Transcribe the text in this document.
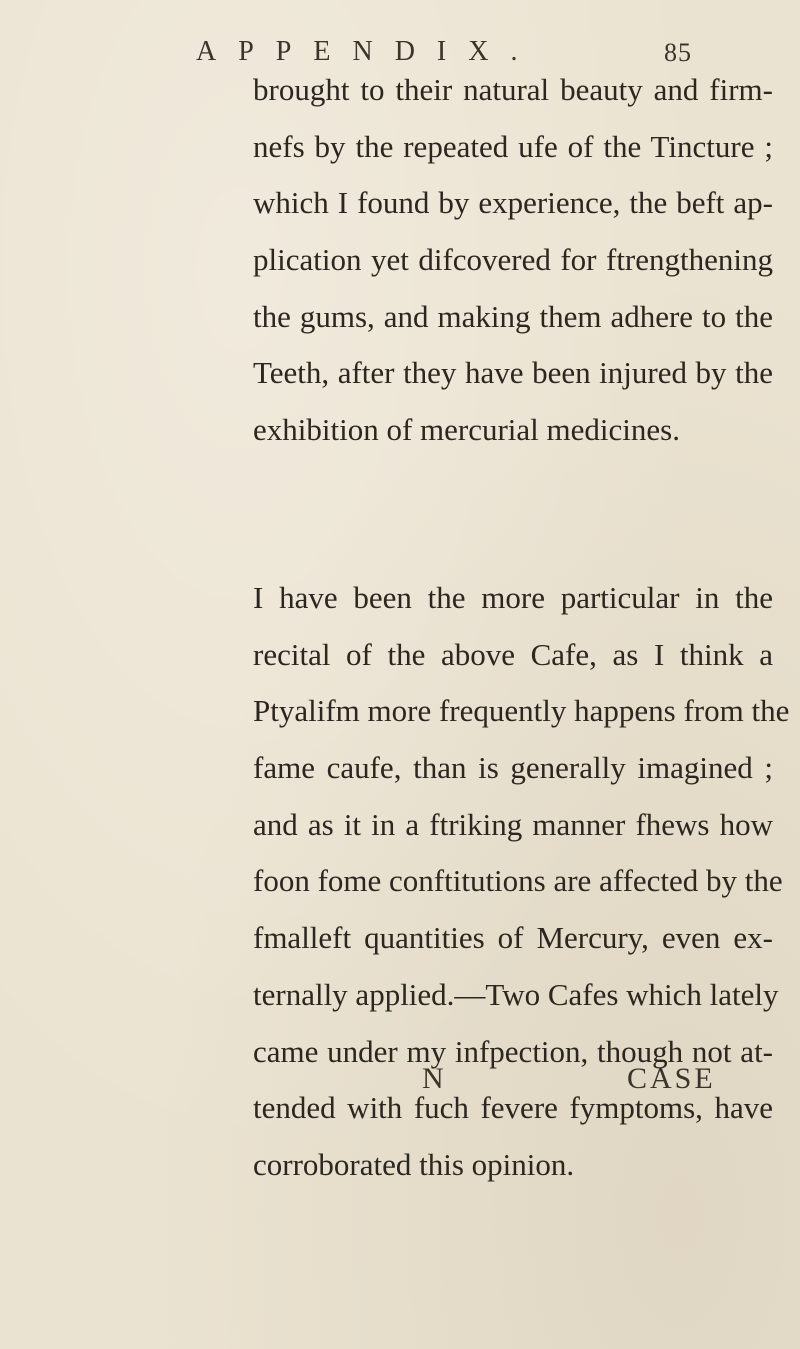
APPENDIX.	85

brought to their natural beauty and firm-
nefs by the repeated ufe of the Tincture ;
which I found by experience, the beft ap-
plication yet difcovered for ftrengthening
the gums, and making them adhere to the
Teeth, after they have been injured by the
exhibition of mercurial medicines.

I have been the more particular in the
recital of the above Cafe, as I think a
Ptyalifm more frequently happens from the
fame caufe, than is generally imagined ;
and as it in a ftriking manner fhews how
foon fome conftitutions are affected by the
fmalleft quantities of Mercury, even ex-
ternally applied.—Two Cafes which lately
came under my infpection, though not at-
tended with fuch fevere fymptoms, have
corroborated this opinion.

N	CASE
